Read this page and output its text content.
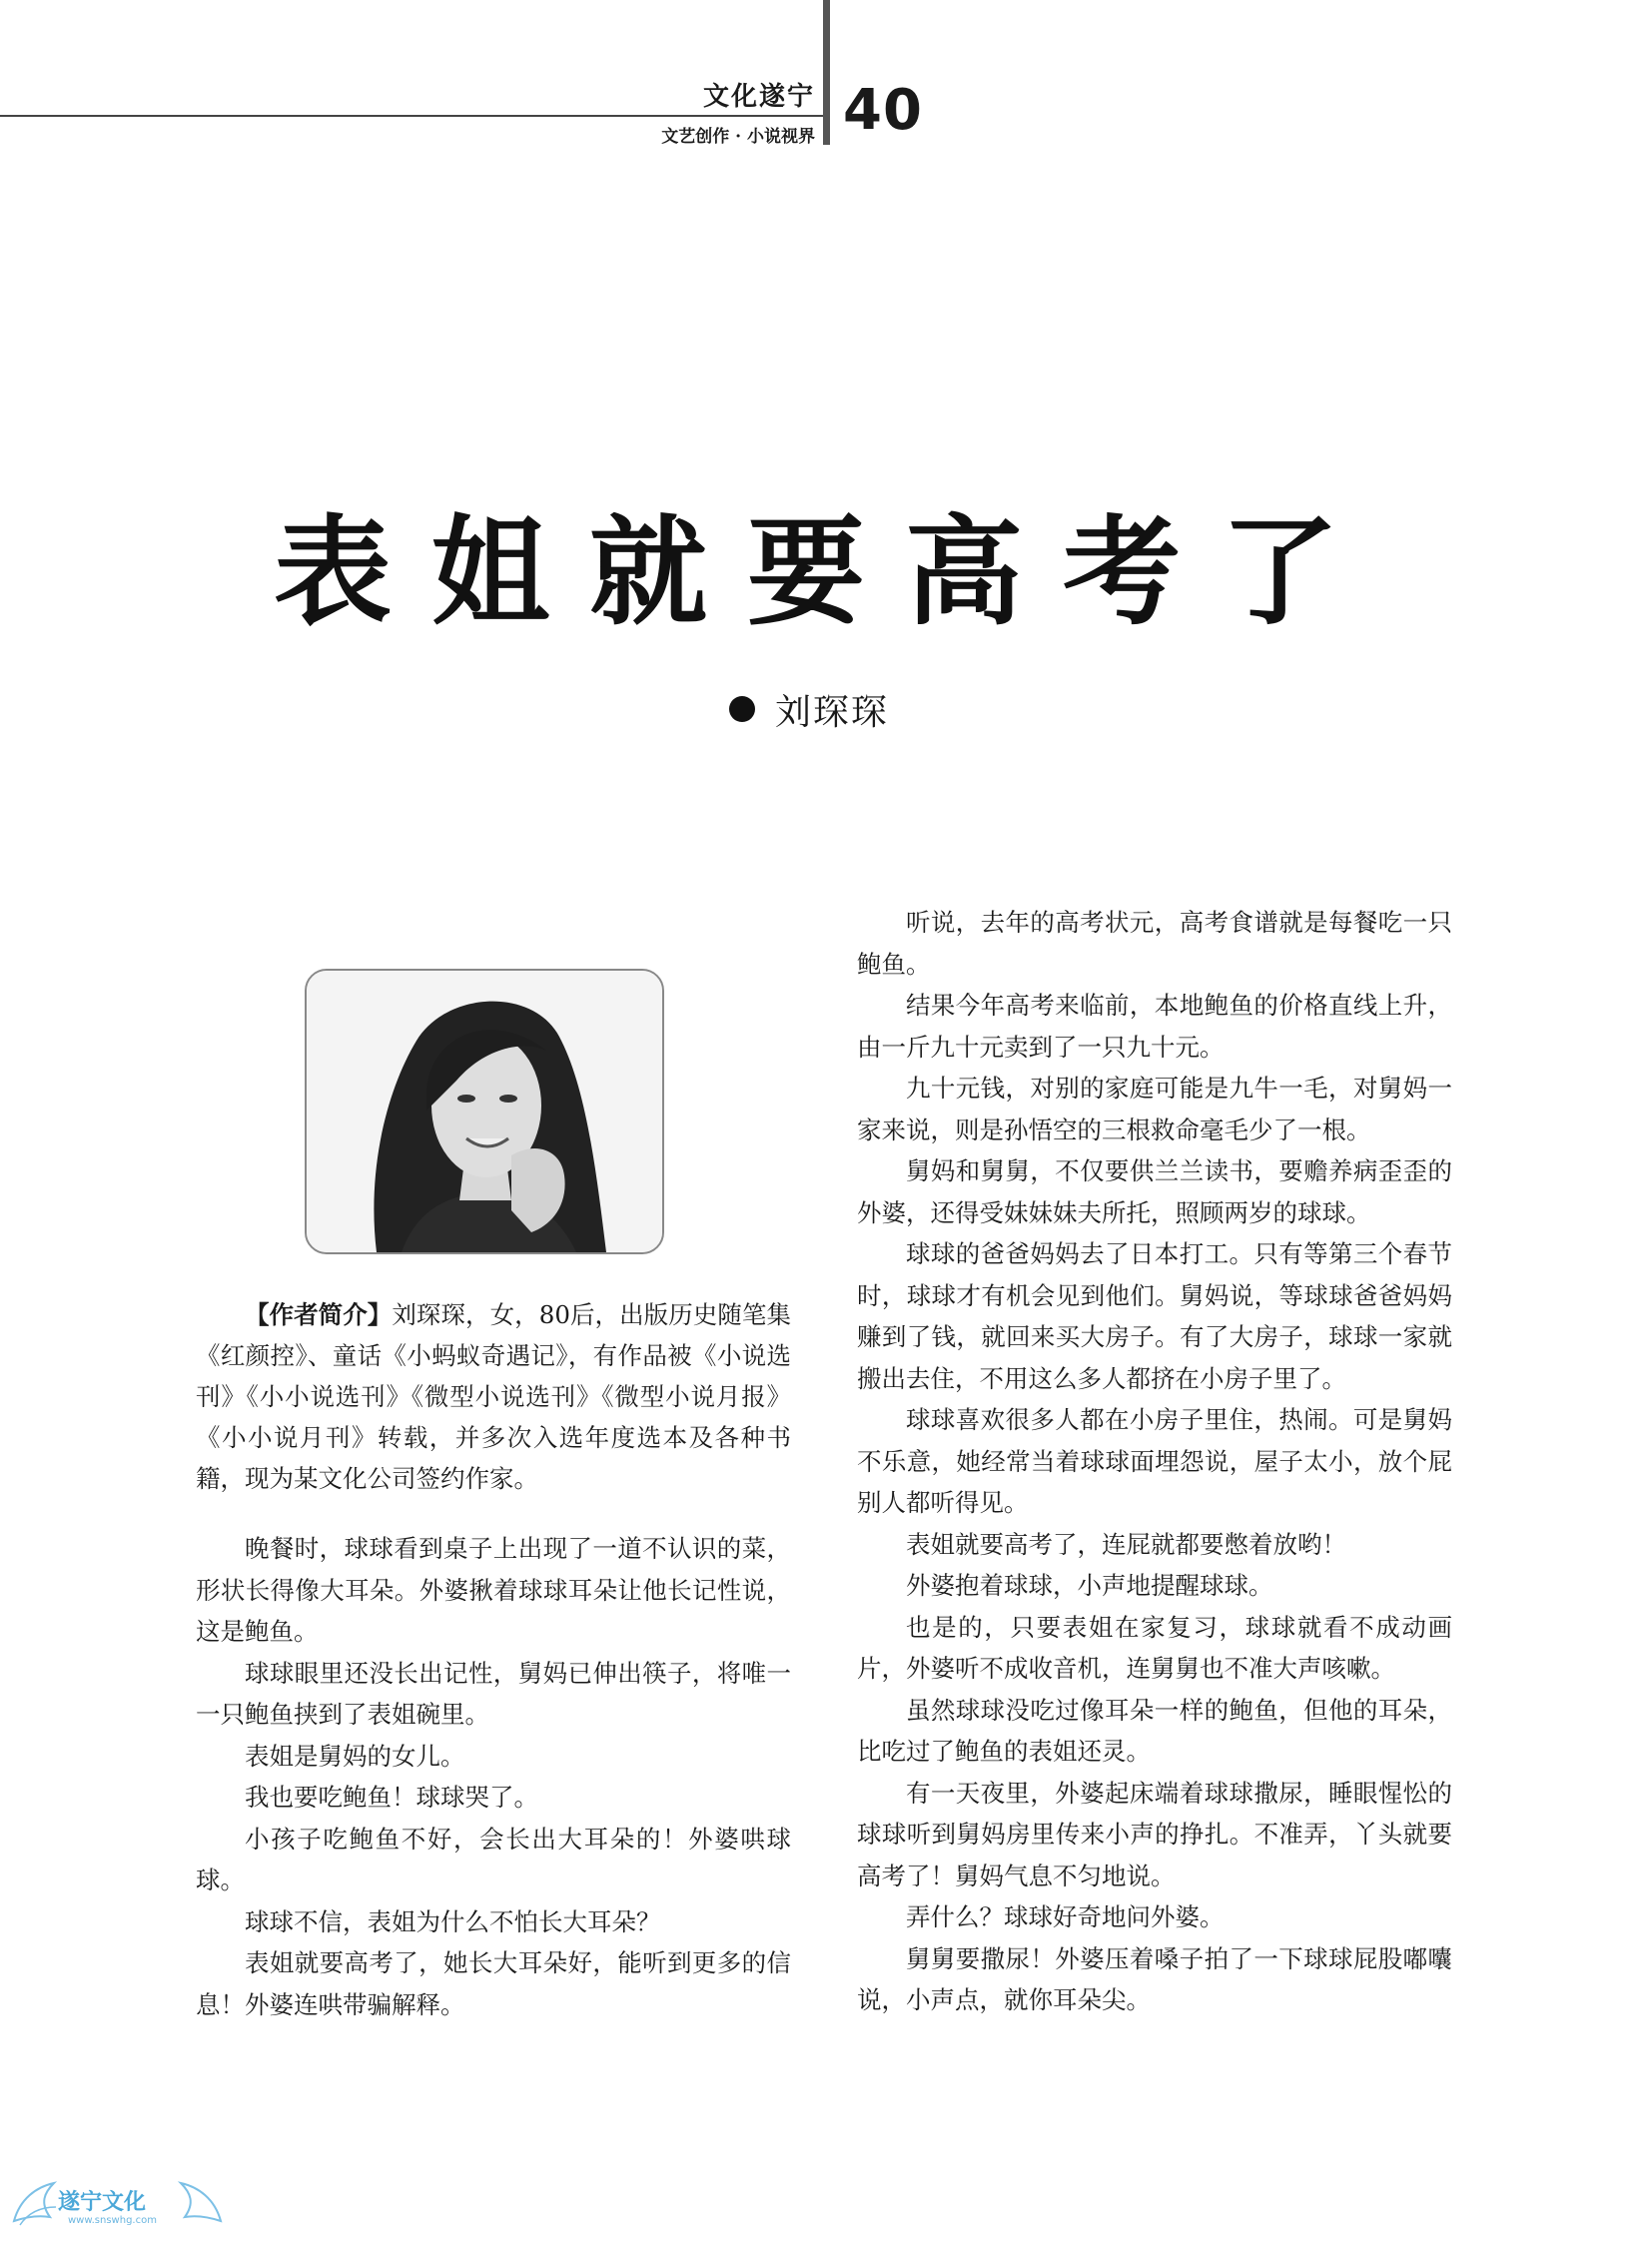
文化遂宁
文艺创作 · 小说视界 40
表姐就要高考了
刘琛琛
【作者简介】刘琛琛，女，80后，出版历史随笔集《红颜控》、童话《小蚂蚁奇遇记》，有作品被《小说选刊》《小小说选刊》《微型小说选刊》《微型小说月报》《小小说月刊》转载，并多次入选年度选本及各种书籍，现为某文化公司签约作家。

晚餐时，球球看到桌子上出现了一道不认识的菜，形状长得像大耳朵。外婆揪着球球耳朵让他长记性说，这是鲍鱼。

球球眼里还没长出记性，舅妈已伸出筷子，将唯一一只鲍鱼挟到了表姐碗里。

表姐是舅妈的女儿。

我也要吃鲍鱼！球球哭了。

小孩子吃鲍鱼不好，会长出大耳朵的！外婆哄球球。

球球不信，表姐为什么不怕长大耳朵？

表姐就要高考了，她长大耳朵好，能听到更多的信息！外婆连哄带骗解释。

听说，去年的高考状元，高考食谱就是每餐吃一只鲍鱼。

结果今年高考来临前，本地鲍鱼的价格直线上升，由一斤九十元卖到了一只九十元。

九十元钱，对别的家庭可能是九牛一毛，对舅妈一家来说，则是孙悟空的三根救命毫毛少了一根。

舅妈和舅舅，不仅要供兰兰读书，要赡养病歪歪的外婆，还得受妹妹妹夫所托，照顾两岁的球球。

球球的爸爸妈妈去了日本打工。只有等第三个春节时，球球才有机会见到他们。舅妈说，等球球爸爸妈妈赚到了钱，就回来买大房子。有了大房子，球球一家就搬出去住，不用这么多人都挤在小房子里了。

球球喜欢很多人都在小房子里住，热闹。可是舅妈不乐意，她经常当着球球面埋怨说，屋子太小，放个屁别人都听得见。

表姐就要高考了，连屁就都要憋着放哟！

外婆抱着球球，小声地提醒球球。

也是的，只要表姐在家复习，球球就看不成动画片，外婆听不成收音机，连舅舅也不准大声咳嗽。

虽然球球没吃过像耳朵一样的鲍鱼，但他的耳朵，比吃过了鲍鱼的表姐还灵。

有一天夜里，外婆起床端着球球撒尿，睡眼惺忪的球球听到舅妈房里传来小声的挣扎。不准弄，丫头就要高考了！舅妈气息不匀地说。

弄什么？球球好奇地问外婆。

舅舅要撒尿！外婆压着嗓子拍了一下球球屁股嘟囔说，小声点，就你耳朵尖。

遂宁文化
www.snswhg.com
